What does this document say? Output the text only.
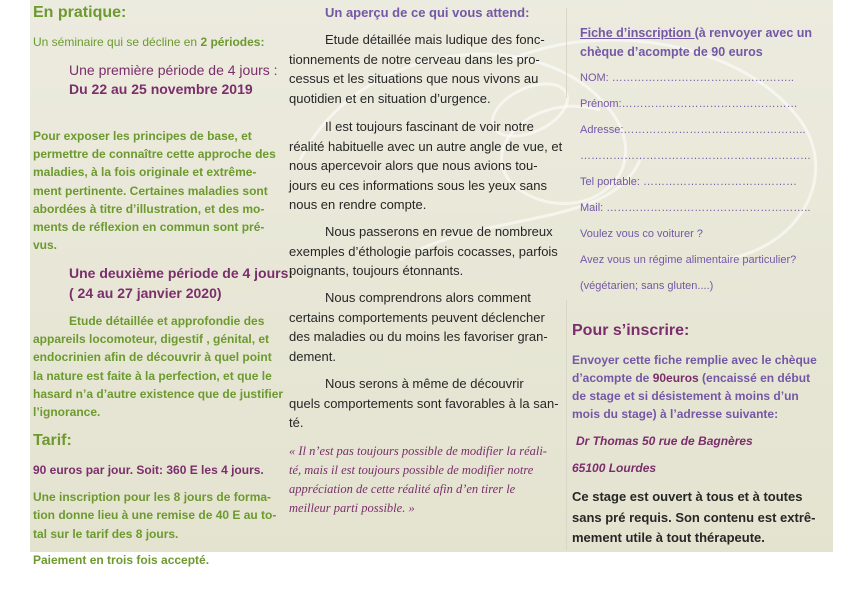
En pratique:
Un séminaire qui se décline en 2 périodes:
Une première période de 4 jours :
Du 22 au 25 novembre 2019
Pour exposer les principes de base, et
permettre de connaître cette approche des
maladies, à la fois originale et extrême-
ment pertinente. Certaines maladies sont
abordées à titre d’illustration, et des mo-
ments de réflexion en commun sont pré-
vus.
Une deuxième période de 4 jours:
( 24 au 27 janvier 2020)
Etude détaillée et approfondie des
appareils locomoteur, digestif , génital, et
endocrinien afin de découvrir à quel point
la nature est faite à la perfection, et que le
hasard n’a d’autre existence que de justifier
l’ignorance.
Tarif:
90 euros par jour. Soit: 360 E les 4 jours.
Une inscription pour les 8 jours de forma-
tion donne lieu à une remise de 40 E au to-
tal sur le tarif des 8 jours.
Paiement en trois fois accepté.
Un aperçu de ce qui vous attend:
Etude détaillée mais ludique des fonc-
tionnements de notre cerveau dans les pro-
cessus et les situations que nous vivons au
quotidien et en situation d’urgence.
Il est toujours fascinant de voir notre
réalité habituelle avec un autre angle de vue, et
nous apercevoir alors que nous avions tou-
jours eu ces informations sous les yeux sans
nous en rendre compte.
Nous passerons en revue de nombreux
exemples d’éthologie parfois cocasses, parfois
poignants, toujours étonnants.
Nous comprendrons alors comment
certains comportements peuvent déclencher
des maladies ou du moins les favoriser gran-
dement.
Nous serons à même de découvrir
quels comportements sont favorables à la san-
té.
« Il n’est pas toujours possible de modifier la réali-
té, mais il est toujours possible de modifier notre
appréciation de cette réalité afin d’en tirer le
meilleur parti possible. »
Fiche d’inscription (à renvoyer avec un
chèque d’acompte de 90 euros
NOM: …………………………………………..
Prénom:…………………………………………
Adresse:…………………………………………..
………………………………………………………
Tel portable: ……………………………………
Mail: ………………………………………………..
Voulez vous co voiturer ?
Avez vous un régime alimentaire particulier?
(végétarien; sans gluten....)
Pour s’inscrire:
Envoyer cette fiche remplie avec le chèque
d’acompte de 90euros (encaissé en début
de stage et si désistement à moins d’un
mois du stage) à l’adresse suivante:
Dr Thomas 50 rue de Bagnères
65100 Lourdes
Ce stage est ouvert à tous et à toutes
sans pré requis. Son contenu est extrê-
mement utile à tout thérapeute.
